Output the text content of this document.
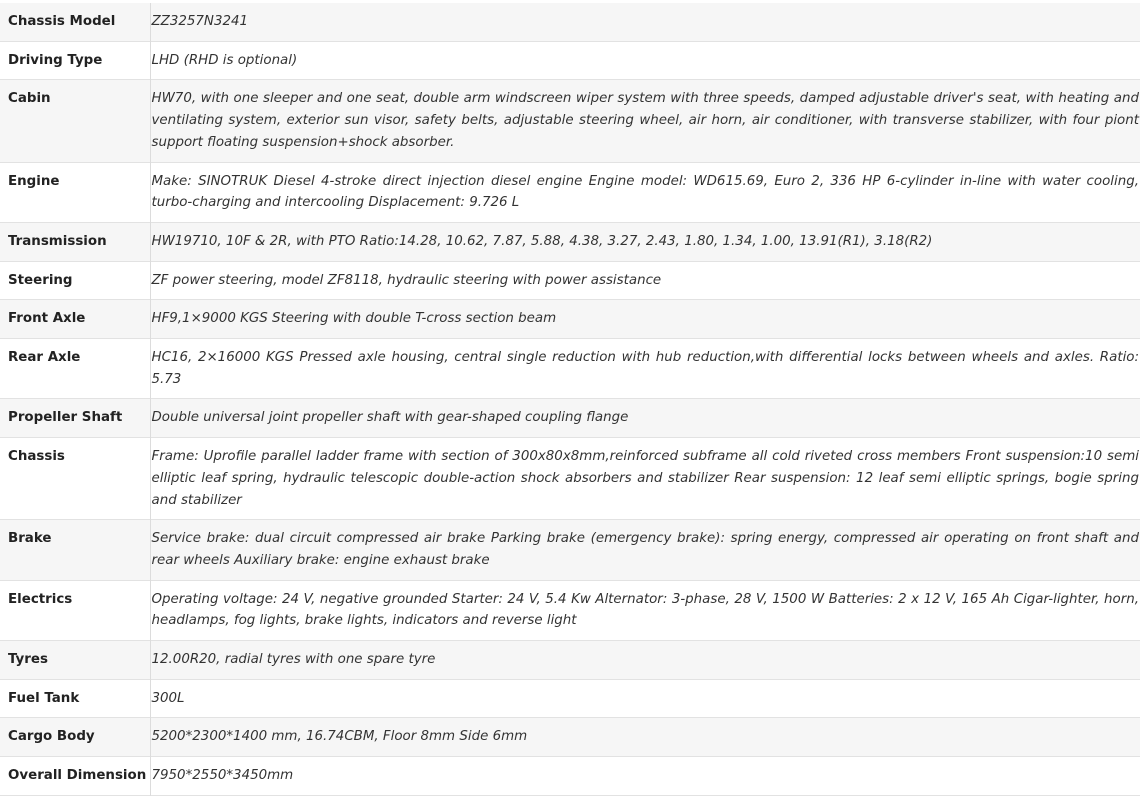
Chassis Model	ZZ3257N3241
Driving Type	LHD (RHD is optional)
Cabin	HW70, with one sleeper and one seat, double arm windscreen wiper system with three speeds, damped adjustable driver's seat, with heating and ventilating system, exterior sun visor, safety belts, adjustable steering wheel, air horn, air conditioner, with transverse stabilizer, with four piont support floating suspension+shock absorber.
Engine	Make: SINOTRUK Diesel 4-stroke direct injection diesel engine Engine model: WD615.69, Euro 2, 336 HP 6-cylinder in-line with water cooling, turbo-charging and intercooling Displacement: 9.726 L
Transmission	HW19710, 10F & 2R, with PTO Ratio:14.28, 10.62, 7.87, 5.88, 4.38, 3.27, 2.43, 1.80, 1.34, 1.00, 13.91(R1), 3.18(R2)
Steering	ZF power steering, model ZF8118, hydraulic steering with power assistance
Front Axle	HF9,1×9000 KGS Steering with double T-cross section beam
Rear Axle	HC16, 2×16000 KGS Pressed axle housing, central single reduction with hub reduction,with differential locks between wheels and axles. Ratio: 5.73
Propeller Shaft	Double universal joint propeller shaft with gear-shaped coupling flange
Chassis	Frame: Uprofile parallel ladder frame with section of 300x80x8mm,reinforced subframe all cold riveted cross members Front suspension:10 semi elliptic leaf spring, hydraulic telescopic double-action shock absorbers and stabilizer Rear suspension: 12 leaf semi elliptic springs, bogie spring and stabilizer
Brake	Service brake: dual circuit compressed air brake Parking brake (emergency brake): spring energy, compressed air operating on front shaft and rear wheels Auxiliary brake: engine exhaust brake
Electrics	Operating voltage: 24 V, negative grounded Starter: 24 V, 5.4 Kw Alternator: 3-phase, 28 V, 1500 W Batteries: 2 x 12 V, 165 Ah Cigar-lighter, horn, headlamps, fog lights, brake lights, indicators and reverse light
Tyres	12.00R20, radial tyres with one spare tyre
Fuel Tank	300L
Cargo Body	5200*2300*1400 mm, 16.74CBM, Floor 8mm Side 6mm
Overall Dimension	7950*2550*3450mm
